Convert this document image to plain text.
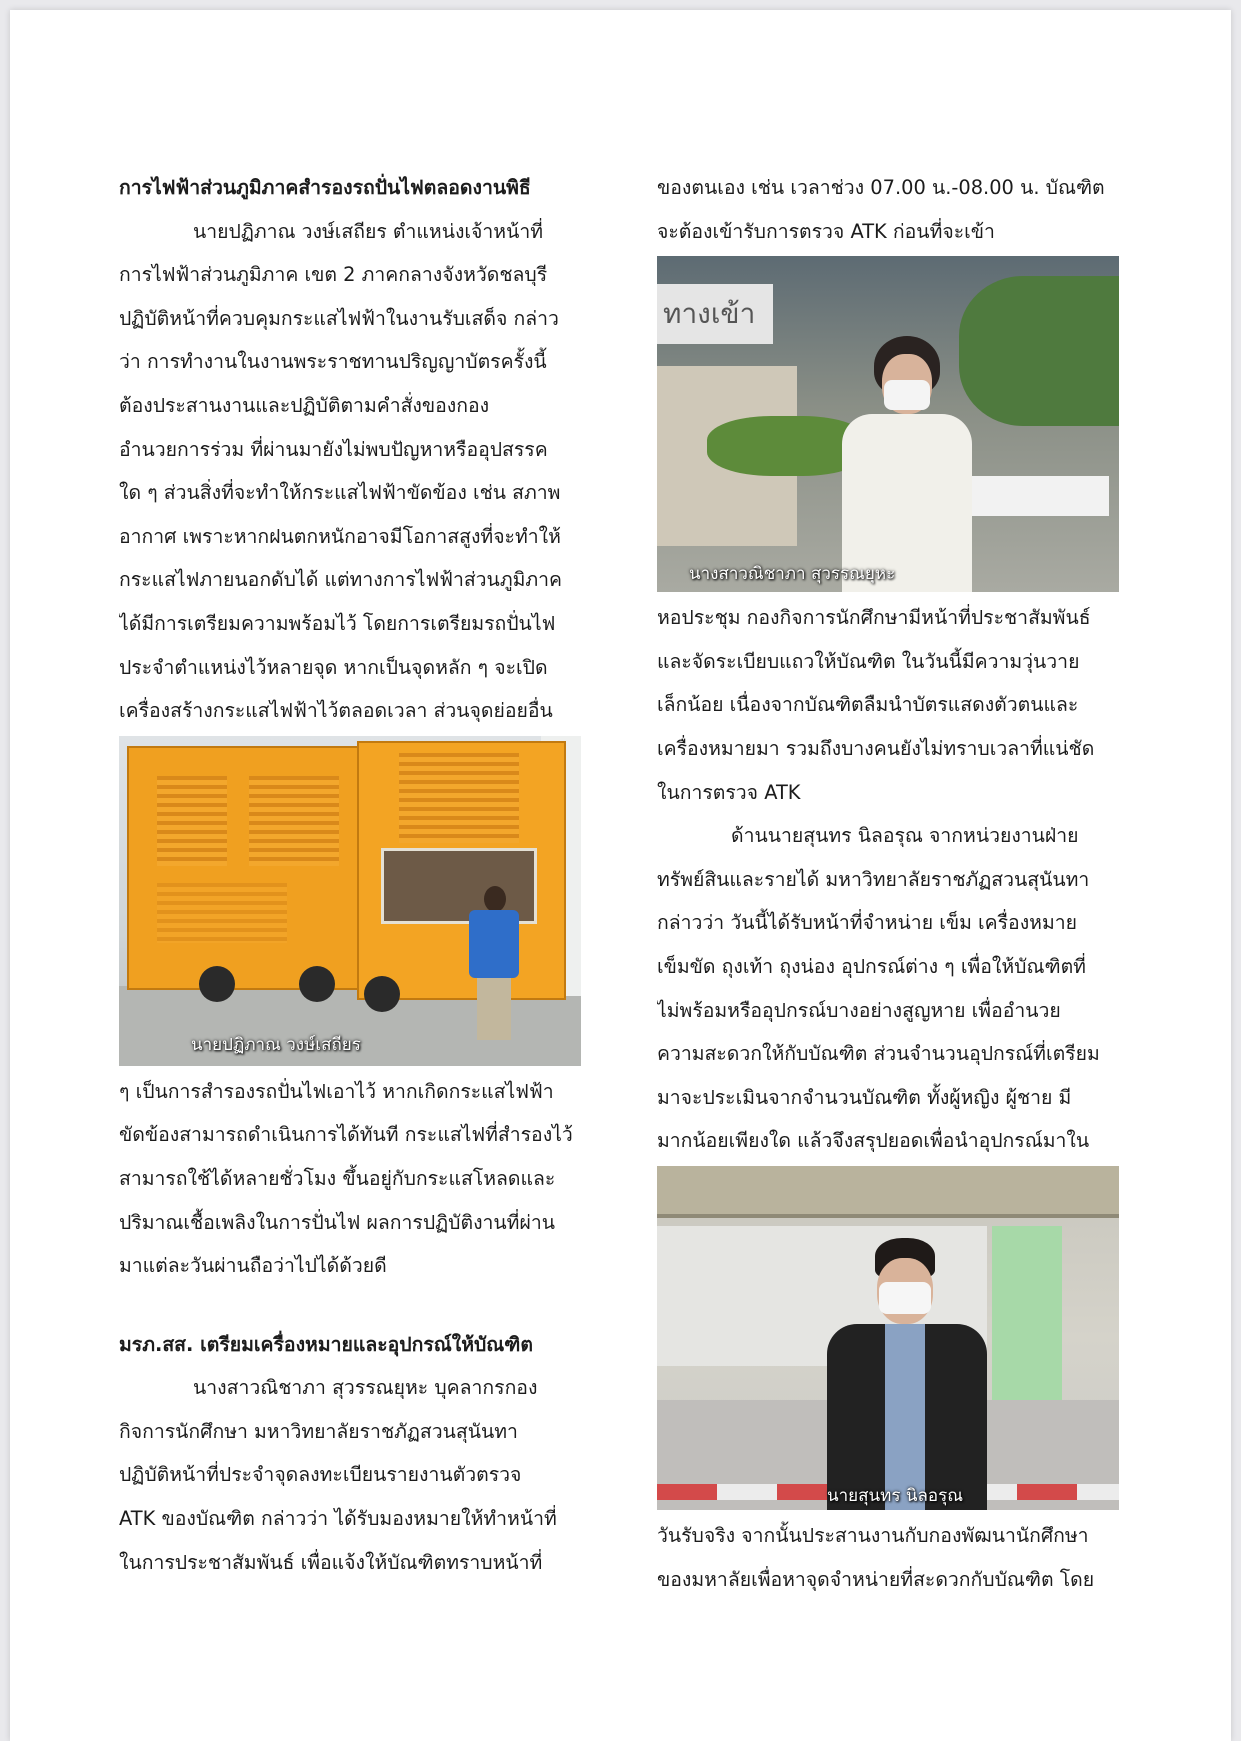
การไฟฟ้าส่วนภูมิภาคสำรองรถปั่นไฟตลอดงานพิธี
นายปฏิภาณ วงษ์เสถียร ตำแหน่งเจ้าหน้าที่
การไฟฟ้าส่วนภูมิภาค เขต 2 ภาคกลางจังหวัดชลบุรี
ปฏิบัติหน้าที่ควบคุมกระแสไฟฟ้าในงานรับเสด็จ กล่าว
ว่า การทำงานในงานพระราชทานปริญญาบัตรครั้งนี้
ต้องประสานงานและปฏิบัติตามคำสั่งของกอง
อำนวยการร่วม ที่ผ่านมายังไม่พบปัญหาหรืออุปสรรค
ใด ๆ ส่วนสิ่งที่จะทำให้กระแสไฟฟ้าขัดข้อง เช่น สภาพ
อากาศ เพราะหากฝนตกหนักอาจมีโอกาสสูงที่จะทำให้
กระแสไฟภายนอกดับได้ แต่ทางการไฟฟ้าส่วนภูมิภาค
ได้มีการเตรียมความพร้อมไว้ โดยการเตรียมรถปั่นไฟ
ประจำตำแหน่งไว้หลายจุด หากเป็นจุดหลัก ๆ จะเปิด
เครื่องสร้างกระแสไฟฟ้าไว้ตลอดเวลา ส่วนจุดย่อยอื่น
นายปฏิภาณ วงษ์เสถียร
ๆ เป็นการสำรองรถปั่นไฟเอาไว้ หากเกิดกระแสไฟฟ้า
ขัดข้องสามารถดำเนินการได้ทันที กระแสไฟที่สำรองไว้
สามารถใช้ได้หลายชั่วโมง ขึ้นอยู่กับกระแสโหลดและ
ปริมาณเชื้อเพลิงในการปั่นไฟ ผลการปฏิบัติงานที่ผ่าน
มาแต่ละวันผ่านถือว่าไปได้ด้วยดี
มรภ.สส. เตรียมเครื่องหมายและอุปกรณ์ให้บัณฑิต
นางสาวณิชาภา สุวรรณยุหะ บุคลากรกอง
กิจการนักศึกษา มหาวิทยาลัยราชภัฏสวนสุนันทา
ปฏิบัติหน้าที่ประจำจุดลงทะเบียนรายงานตัวตรวจ
ATK ของบัณฑิต กล่าวว่า ได้รับมองหมายให้ทำหน้าที่
ในการประชาสัมพันธ์ เพื่อแจ้งให้บัณฑิตทราบหน้าที่
ของตนเอง เช่น เวลาช่วง 07.00 น.-08.00 น. บัณฑิต
จะต้องเข้ารับการตรวจ ATK ก่อนที่จะเข้า
ทางเข้า
นางสาวณิชาภา สุวรรณยุหะ
หอประชุม กองกิจการนักศึกษามีหน้าที่ประชาสัมพันธ์
และจัดระเบียบแถวให้บัณฑิต ในวันนี้มีความวุ่นวาย
เล็กน้อย เนื่องจากบัณฑิตลืมนำบัตรแสดงตัวตนและ
เครื่องหมายมา รวมถึงบางคนยังไม่ทราบเวลาที่แน่ชัด
ในการตรวจ ATK
ด้านนายสุนทร นิลอรุณ จากหน่วยงานฝ่าย
ทรัพย์สินและรายได้ มหาวิทยาลัยราชภัฏสวนสุนันทา
กล่าวว่า วันนี้ได้รับหน้าที่จำหน่าย เข็ม เครื่องหมาย
เข็มขัด ถุงเท้า ถุงน่อง อุปกรณ์ต่าง ๆ เพื่อให้บัณฑิตที่
ไม่พร้อมหรืออุปกรณ์บางอย่างสูญหาย เพื่ออำนวย
ความสะดวกให้กับบัณฑิต ส่วนจำนวนอุปกรณ์ที่เตรียม
มาจะประเมินจากจำนวนบัณฑิต ทั้งผู้หญิง ผู้ชาย มี
มากน้อยเพียงใด แล้วจึงสรุปยอดเพื่อนำอุปกรณ์มาใน
นายสุนทร นิลอรุณ
วันรับจริง จากนั้นประสานงานกับกองพัฒนานักศึกษา
ของมหาลัยเพื่อหาจุดจำหน่ายที่สะดวกกับบัณฑิต โดย
